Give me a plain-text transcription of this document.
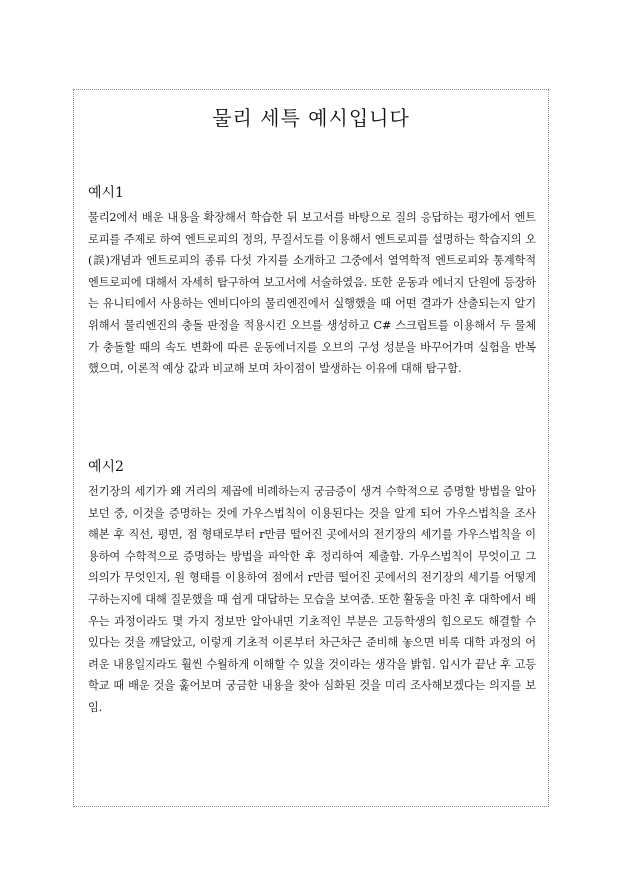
물리 세특 예시입니다
예시1

물리2에서 배운 내용을 확장해서 학습한 뒤 보고서를 바탕으로 질의 응답하는 평가에서 엔트로피를 주제로 하여 엔트로피의 정의, 무질서도를 이용해서 엔트로피를 설명하는 학습지의 오(誤)개념과 엔트로피의 종류 다섯 가지를 소개하고 그중에서 열역학적 엔트로피와 통계학적 엔트로피에 대해서 자세히 탐구하여 보고서에 서술하였음. 또한 운동과 에너지 단원에 등장하는 유니티에서 사용하는 엔비디아의 물리엔진에서 실행했을 때 어떤 결과가 산출되는지 알기 위해서 물리엔진의 충돌 판정을 적용시킨 오브를 생성하고 C# 스크립트를 이용해서 두 물체가 충돌할 때의 속도 변화에 따른 운동에너지를 오브의 구성 성분을 바꾸어가며 실험을 반복했으며, 이론적 예상 값과 비교해 보며 차이점이 발생하는 이유에 대해 탐구함.

예시2

전기장의 세기가 왜 거리의 제곱에 비례하는지 궁금증이 생겨 수학적으로 증명할 방법을 알아보던 중, 이것을 증명하는 것에 가우스법칙이 이용된다는 것을 알게 되어 가우스법칙을 조사해본 후 직선, 평면, 점 형태로부터 r만큼 떨어진 곳에서의 전기장의 세기를 가우스법칙을 이용하여 수학적으로 증명하는 방법을 파악한 후 정리하여 제출함. 가우스법칙이 무엇이고 그 의의가 무엇인지, 원 형태를 이용하여 점에서 r만큼 떨어진 곳에서의 전기장의 세기를 어떻게 구하는지에 대해 질문했을 때 쉽게 대답하는 모습을 보여줌. 또한 활동을 마친 후 대학에서 배우는 과정이라도 몇 가지 정보만 알아내면 기초적인 부분은 고등학생의 힘으로도 해결할 수 있다는 것을 깨달았고, 이렇게 기초적 이론부터 차근차근 준비해 놓으면 비록 대학 과정의 어려운 내용일지라도 훨씬 수월하게 이해할 수 있을 것이라는 생각을 밝힘. 입시가 끝난 후 고등학교 때 배운 것을 훑어보며 궁금한 내용을 찾아 심화된 것을 미리 조사해보겠다는 의지를 보임.
